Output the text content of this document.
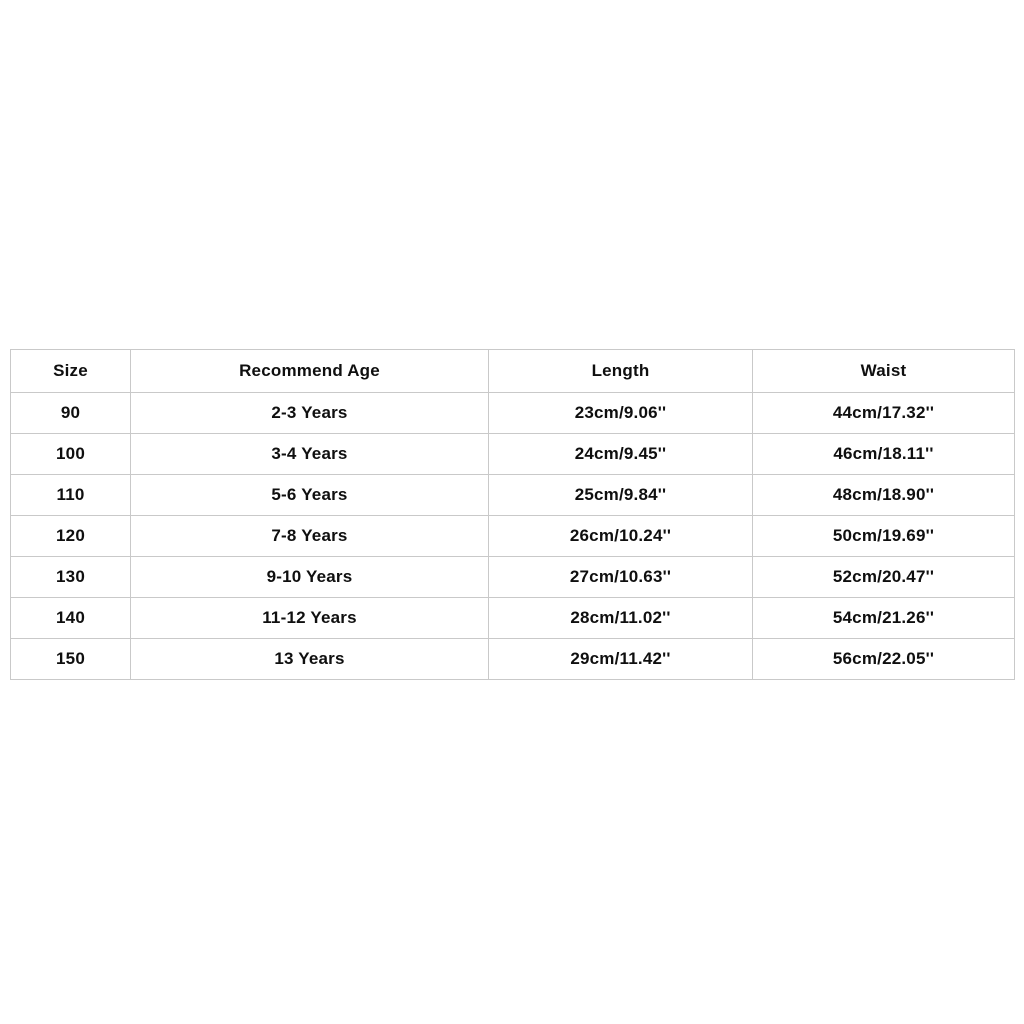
Size	Recommend Age	Length	Waist
90	2-3 Years	23cm/9.06''	44cm/17.32''
100	3-4 Years	24cm/9.45''	46cm/18.11''
110	5-6 Years	25cm/9.84''	48cm/18.90''
120	7-8 Years	26cm/10.24''	50cm/19.69''
130	9-10 Years	27cm/10.63''	52cm/20.47''
140	11-12 Years	28cm/11.02''	54cm/21.26''
150	13 Years	29cm/11.42''	56cm/22.05''
